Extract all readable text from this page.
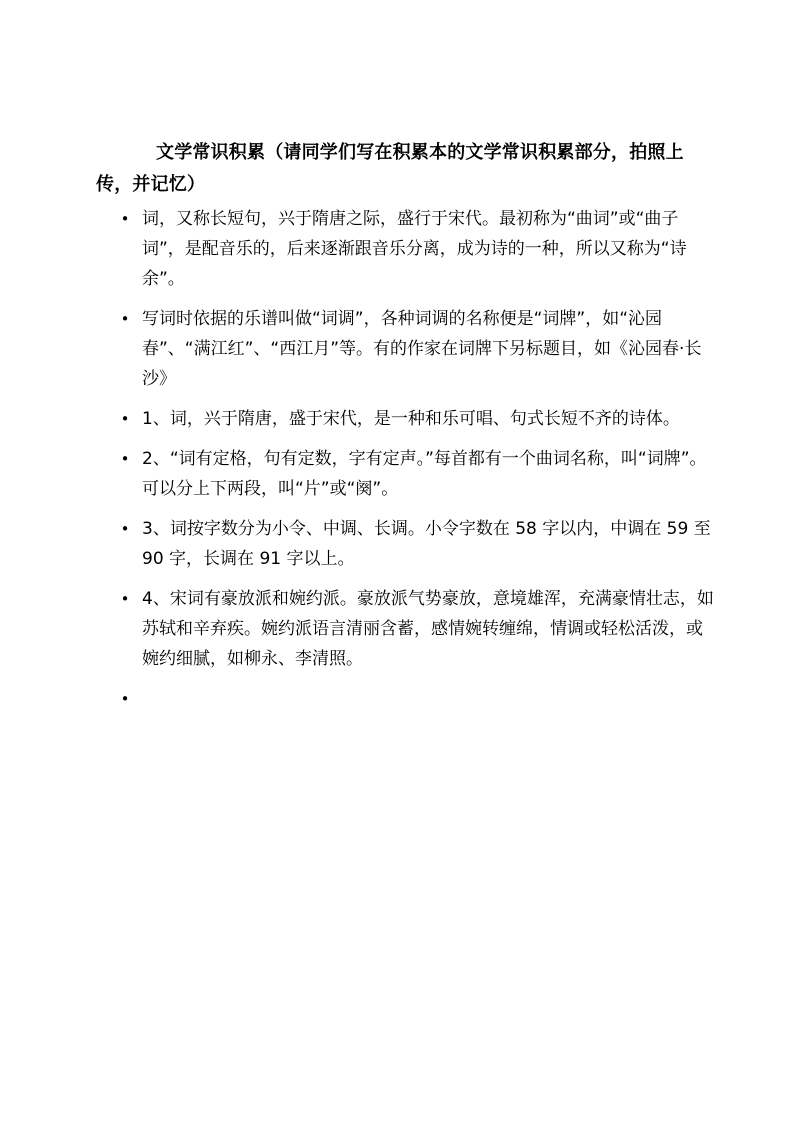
文学常识积累（请同学们写在积累本的文学常识积累部分，拍照上传，并记忆）
• 词，又称长短句，兴于隋唐之际，盛行于宋代。最初称为“曲词”或“曲子词”，是配音乐的，后来逐渐跟音乐分离，成为诗的一种，所以又称为“诗余”。
• 写词时依据的乐谱叫做“词调”，各种词调的名称便是“词牌”，如“沁园春”、“满江红”、“西江月”等。有的作家在词牌下另标题目，如《沁园春·长沙》
• 1、词，兴于隋唐，盛于宋代，是一种和乐可唱、句式长短不齐的诗体。
• 2、“词有定格，句有定数，字有定声。”每首都有一个曲词名称，叫“词牌”。可以分上下两段，叫“片”或“阕”。
• 3、词按字数分为小令、中调、长调。小令字数在 58 字以内，中调在 59 至 90 字，长调在 91 字以上。
• 4、宋词有豪放派和婉约派。豪放派气势豪放，意境雄浑，充满豪情壮志，如苏轼和辛弃疾。婉约派语言清丽含蓄，感情婉转缠绵，情调或轻松活泼，或婉约细腻，如柳永、李清照。
•
